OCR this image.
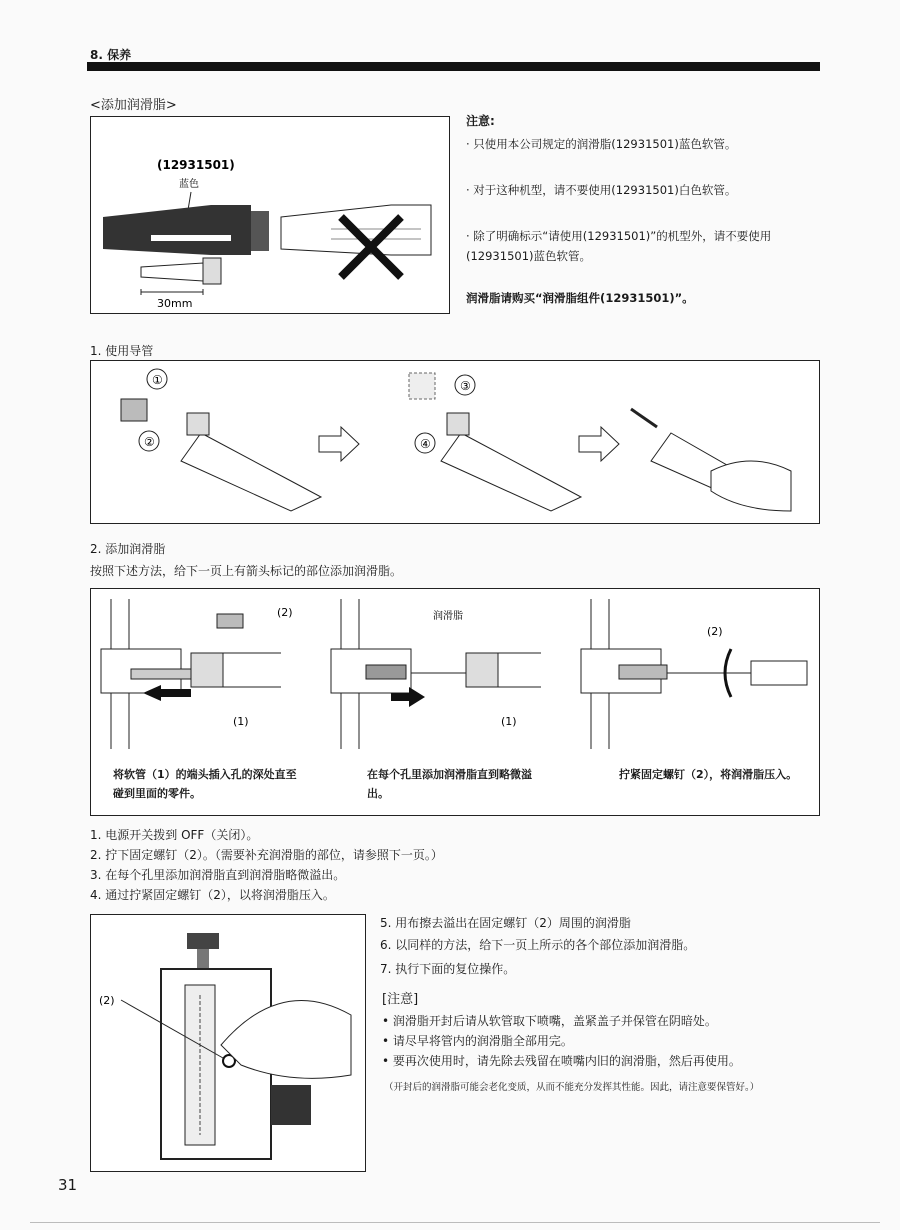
8. 保养
<添加润滑脂>
(12931501)
蓝色
30mm
注意:
· 只使用本公司规定的润滑脂(12931501)蓝色软管。
· 对于这种机型，请不要使用(12931501)白色软管。
· 除了明确标示“请使用(12931501)”的机型外，请不要使用(12931501)蓝色软管。
润滑脂请购买“润滑脂组件(12931501)”。
1. 使用导管
①
②
③
④
2. 添加润滑脂
按照下述方法，给下一页上有箭头标记的部位添加润滑脂。
(2)
(1)
润滑脂
(1)
(2)
将软管（1）的端头插入孔的深处直至碰到里面的零件。
在每个孔里添加润滑脂直到略微溢出。
拧紧固定螺钉（2），将润滑脂压入。
1. 电源开关拨到 OFF（关闭）。
2. 拧下固定螺钉（2）。（需要补充润滑脂的部位，请参照下一页。）
3. 在每个孔里添加润滑脂直到润滑脂略微溢出。
4. 通过拧紧固定螺钉（2），以将润滑脂压入。
(2)
5. 用布擦去溢出在固定螺钉（2）周围的润滑脂
6. 以同样的方法，给下一页上所示的各个部位添加润滑脂。
7. 执行下面的复位操作。
[注意]
• 润滑脂开封后请从软管取下喷嘴，盖紧盖子并保管在阴暗处。
• 请尽早将管内的润滑脂全部用完。
• 要再次使用时，请先除去残留在喷嘴内旧的润滑脂，然后再使用。
（开封后的润滑脂可能会老化变质，从而不能充分发挥其性能。因此，请注意要保管好。）
31
